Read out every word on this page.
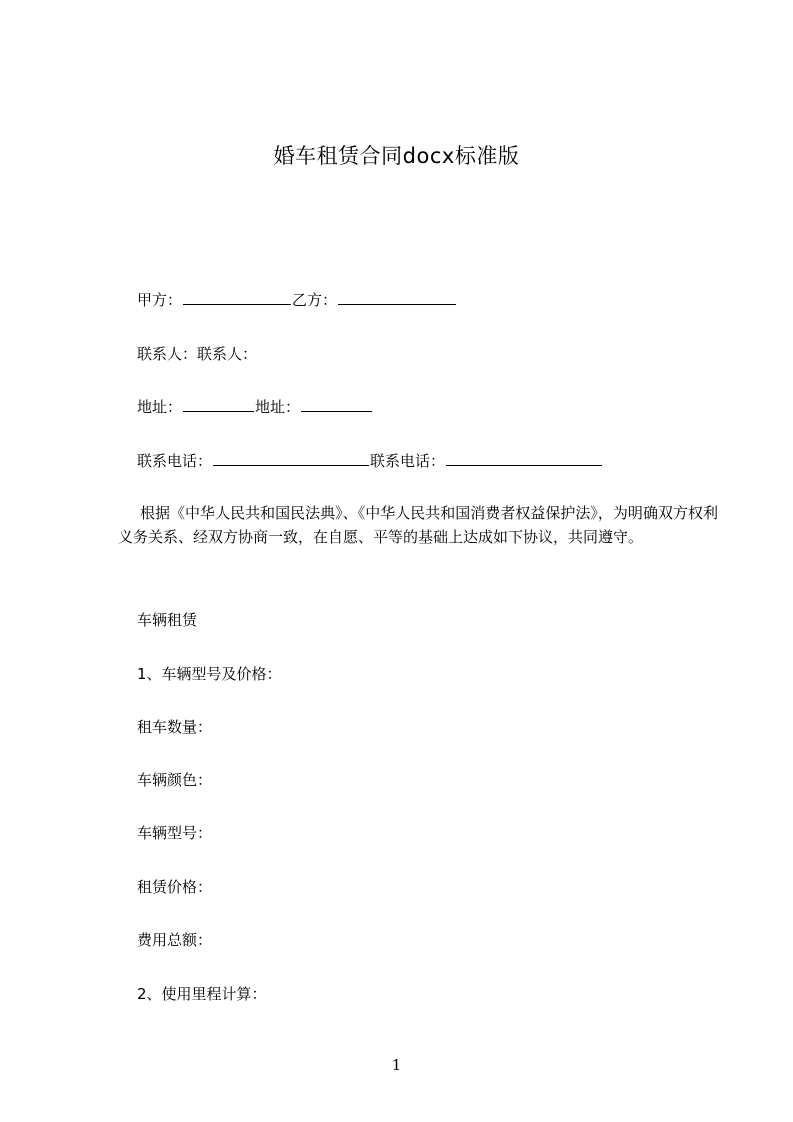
婚车租赁合同docx标准版
甲方：	乙方：
联系人：联系人：
地址：	地址：
联系电话：	联系电话：
根据《中华人民共和国民法典》、《中华人民共和国消费者权益保护法》，为明确双方权利义务关系、经双方协商一致，在自愿、平等的基础上达成如下协议，共同遵守。
车辆租赁
1、车辆型号及价格：
租车数量：
车辆颜色：
车辆型号：
租赁价格：
费用总额：
2、使用里程计算：
1
